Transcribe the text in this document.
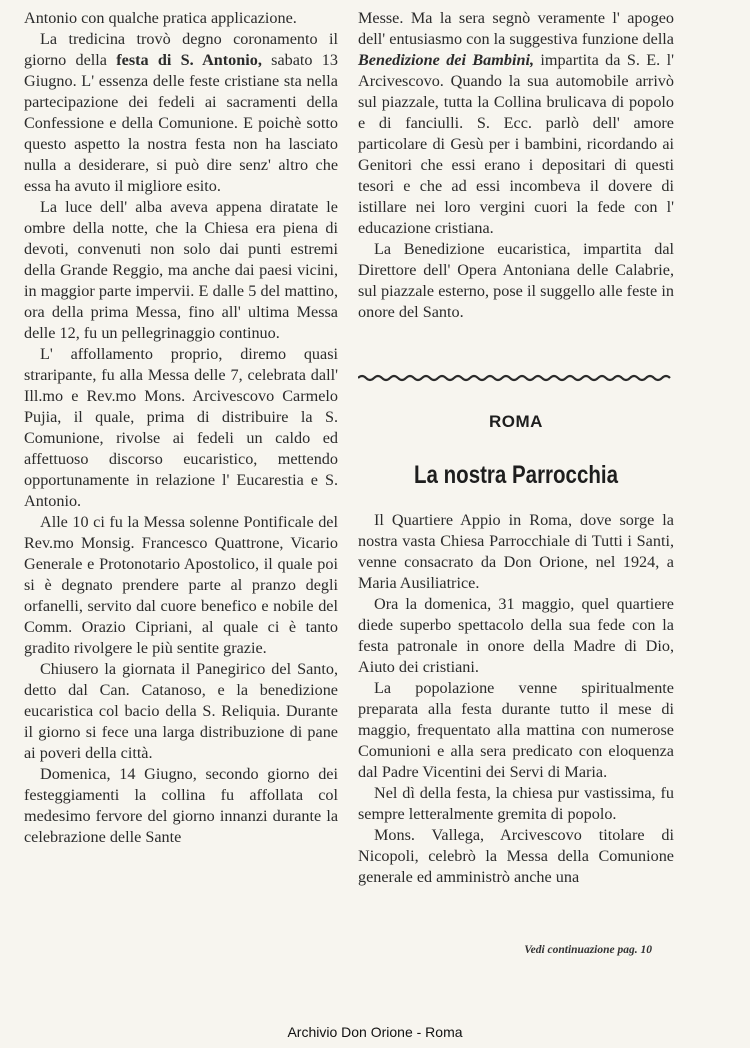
Antonio con qualche pratica applicazione.

La tredicina trovò degno coronamento il giorno della festa di S. Antonio, sabato 13 Giugno. L' essenza delle feste cristiane sta nella partecipazione dei fedeli ai sacramenti della Confessione e della Comunione. E poichè sotto questo aspetto la nostra festa non ha lasciato nulla a desiderare, si può dire senz' altro che essa ha avuto il migliore esito.

La luce dell' alba aveva appena diratate le ombre della notte, che la Chiesa era piena di devoti, convenuti non solo dai punti estremi della Grande Reggio, ma anche dai paesi vicini, in maggior parte impervii. E dalle 5 del mattino, ora della prima Messa, fino all' ultima Messa delle 12, fu un pellegrinaggio continuo.

L' affollamento proprio, diremo quasi straripante, fu alla Messa delle 7, celebrata dall' Ill.mo e Rev.mo Mons. Arcivescovo Carmelo Pujia, il quale, prima di distribuire la S. Comunione, rivolse ai fedeli un caldo ed affettuoso discorso eucaristico, mettendo opportunamente in relazione l' Eucarestia e S. Antonio.

Alle 10 ci fu la Messa solenne Pontificale del Rev.mo Monsig. Francesco Quattrone, Vicario Generale e Protonotario Apostolico, il quale poi si è degnato prendere parte al pranzo degli orfanelli, servito dal cuore benefico e nobile del Comm. Orazio Cipriani, al quale ci è tanto gradito rivolgere le più sentite grazie.

Chiusero la giornata il Panegirico del Santo, detto dal Can. Catanoso, e la benedizione eucaristica col bacio della S. Reliquia. Durante il giorno si fece una larga distribuzione di pane ai poveri della città.

Domenica, 14 Giugno, secondo giorno dei festeggiamenti la collina fu affollata col medesimo fervore del giorno innanzi durante la celebrazione delle Sante

Messe. Ma la sera segnò veramente l' apogeo dell' entusiasmo con la suggestiva funzione della Benedizione dei Bambini, impartita da S. E. l' Arcivescovo. Quando la sua automobile arrivò sul piazzale, tutta la Collina brulicava di popolo e di fanciulli. S. Ecc. parlò dell' amore particolare di Gesù per i bambini, ricordando ai Genitori che essi erano i depositari di questi tesori e che ad essi incombeva il dovere di istillare nei loro vergini cuori la fede con l' educazione cristiana.

La Benedizione eucaristica, impartita dal Direttore dell' Opera Antoniana delle Calabrie, sul piazzale esterno, pose il suggello alle feste in onore del Santo.

ROMA
La nostra Parrocchia

Il Quartiere Appio in Roma, dove sorge la nostra vasta Chiesa Parrocchiale di Tutti i Santi, venne consacrato da Don Orione, nel 1924, a Maria Ausiliatrice.

Ora la domenica, 31 maggio, quel quartiere diede superbo spettacolo della sua fede con la festa patronale in onore della Madre di Dio, Aiuto dei cristiani.

La popolazione venne spiritualmente preparata alla festa durante tutto il mese di maggio, frequentato alla mattina con numerose Comunioni e alla sera predicato con eloquenza dal Padre Vicentini dei Servi di Maria.

Nel dì della festa, la chiesa pur vastissima, fu sempre letteralmente gremita di popolo.

Mons. Vallega, Arcivescovo titolare di Nicopoli, celebrò la Messa della Comunione generale ed amministrò anche una

Vedi continuazione pag. 10
Archivio Don Orione - Roma
